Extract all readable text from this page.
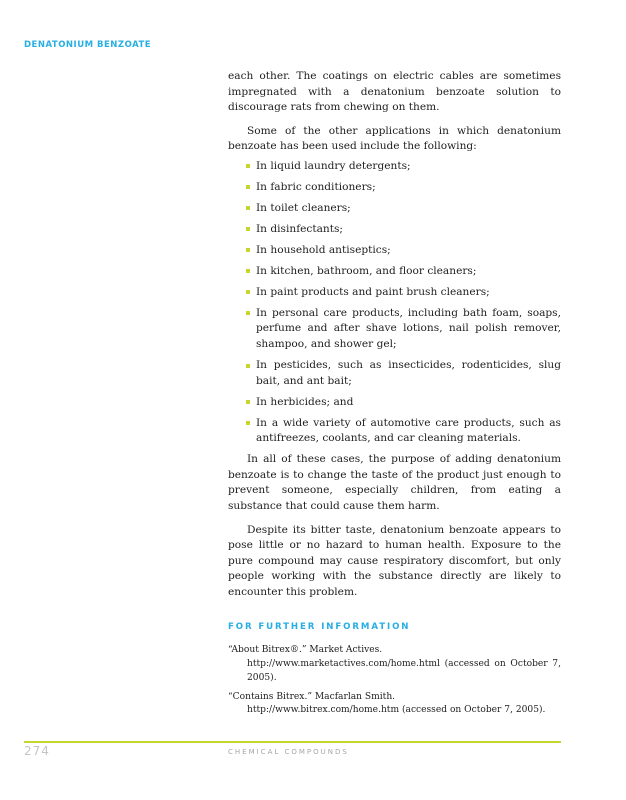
DENATONIUM BENZOATE

each other. The coatings on electric cables are sometimes impregnated with a denatonium benzoate solution to discourage rats from chewing on them.

Some of the other applications in which denatonium benzoate has been used include the following:

In liquid laundry detergents;
In fabric conditioners;
In toilet cleaners;
In disinfectants;
In household antiseptics;
In kitchen, bathroom, and floor cleaners;
In paint products and paint brush cleaners;
In personal care products, including bath foam, soaps, perfume and after shave lotions, nail polish remover, shampoo, and shower gel;
In pesticides, such as insecticides, rodenticides, slug bait, and ant bait;
In herbicides; and
In a wide variety of automotive care products, such as antifreezes, coolants, and car cleaning materials.

In all of these cases, the purpose of adding denatonium benzoate is to change the taste of the product just enough to prevent someone, especially children, from eating a substance that could cause them harm.

Despite its bitter taste, denatonium benzoate appears to pose little or no hazard to human health. Exposure to the pure compound may cause respiratory discomfort, but only people working with the substance directly are likely to encounter this problem.

FOR FURTHER INFORMATION
“About Bitrex®.” Market Actives.
http://www.marketactives.com/home.html (accessed on October 7, 2005).
“Contains Bitrex.” Macfarlan Smith.
http://www.bitrex.com/home.htm (accessed on October 7, 2005).
274	CHEMICAL COMPOUNDS
